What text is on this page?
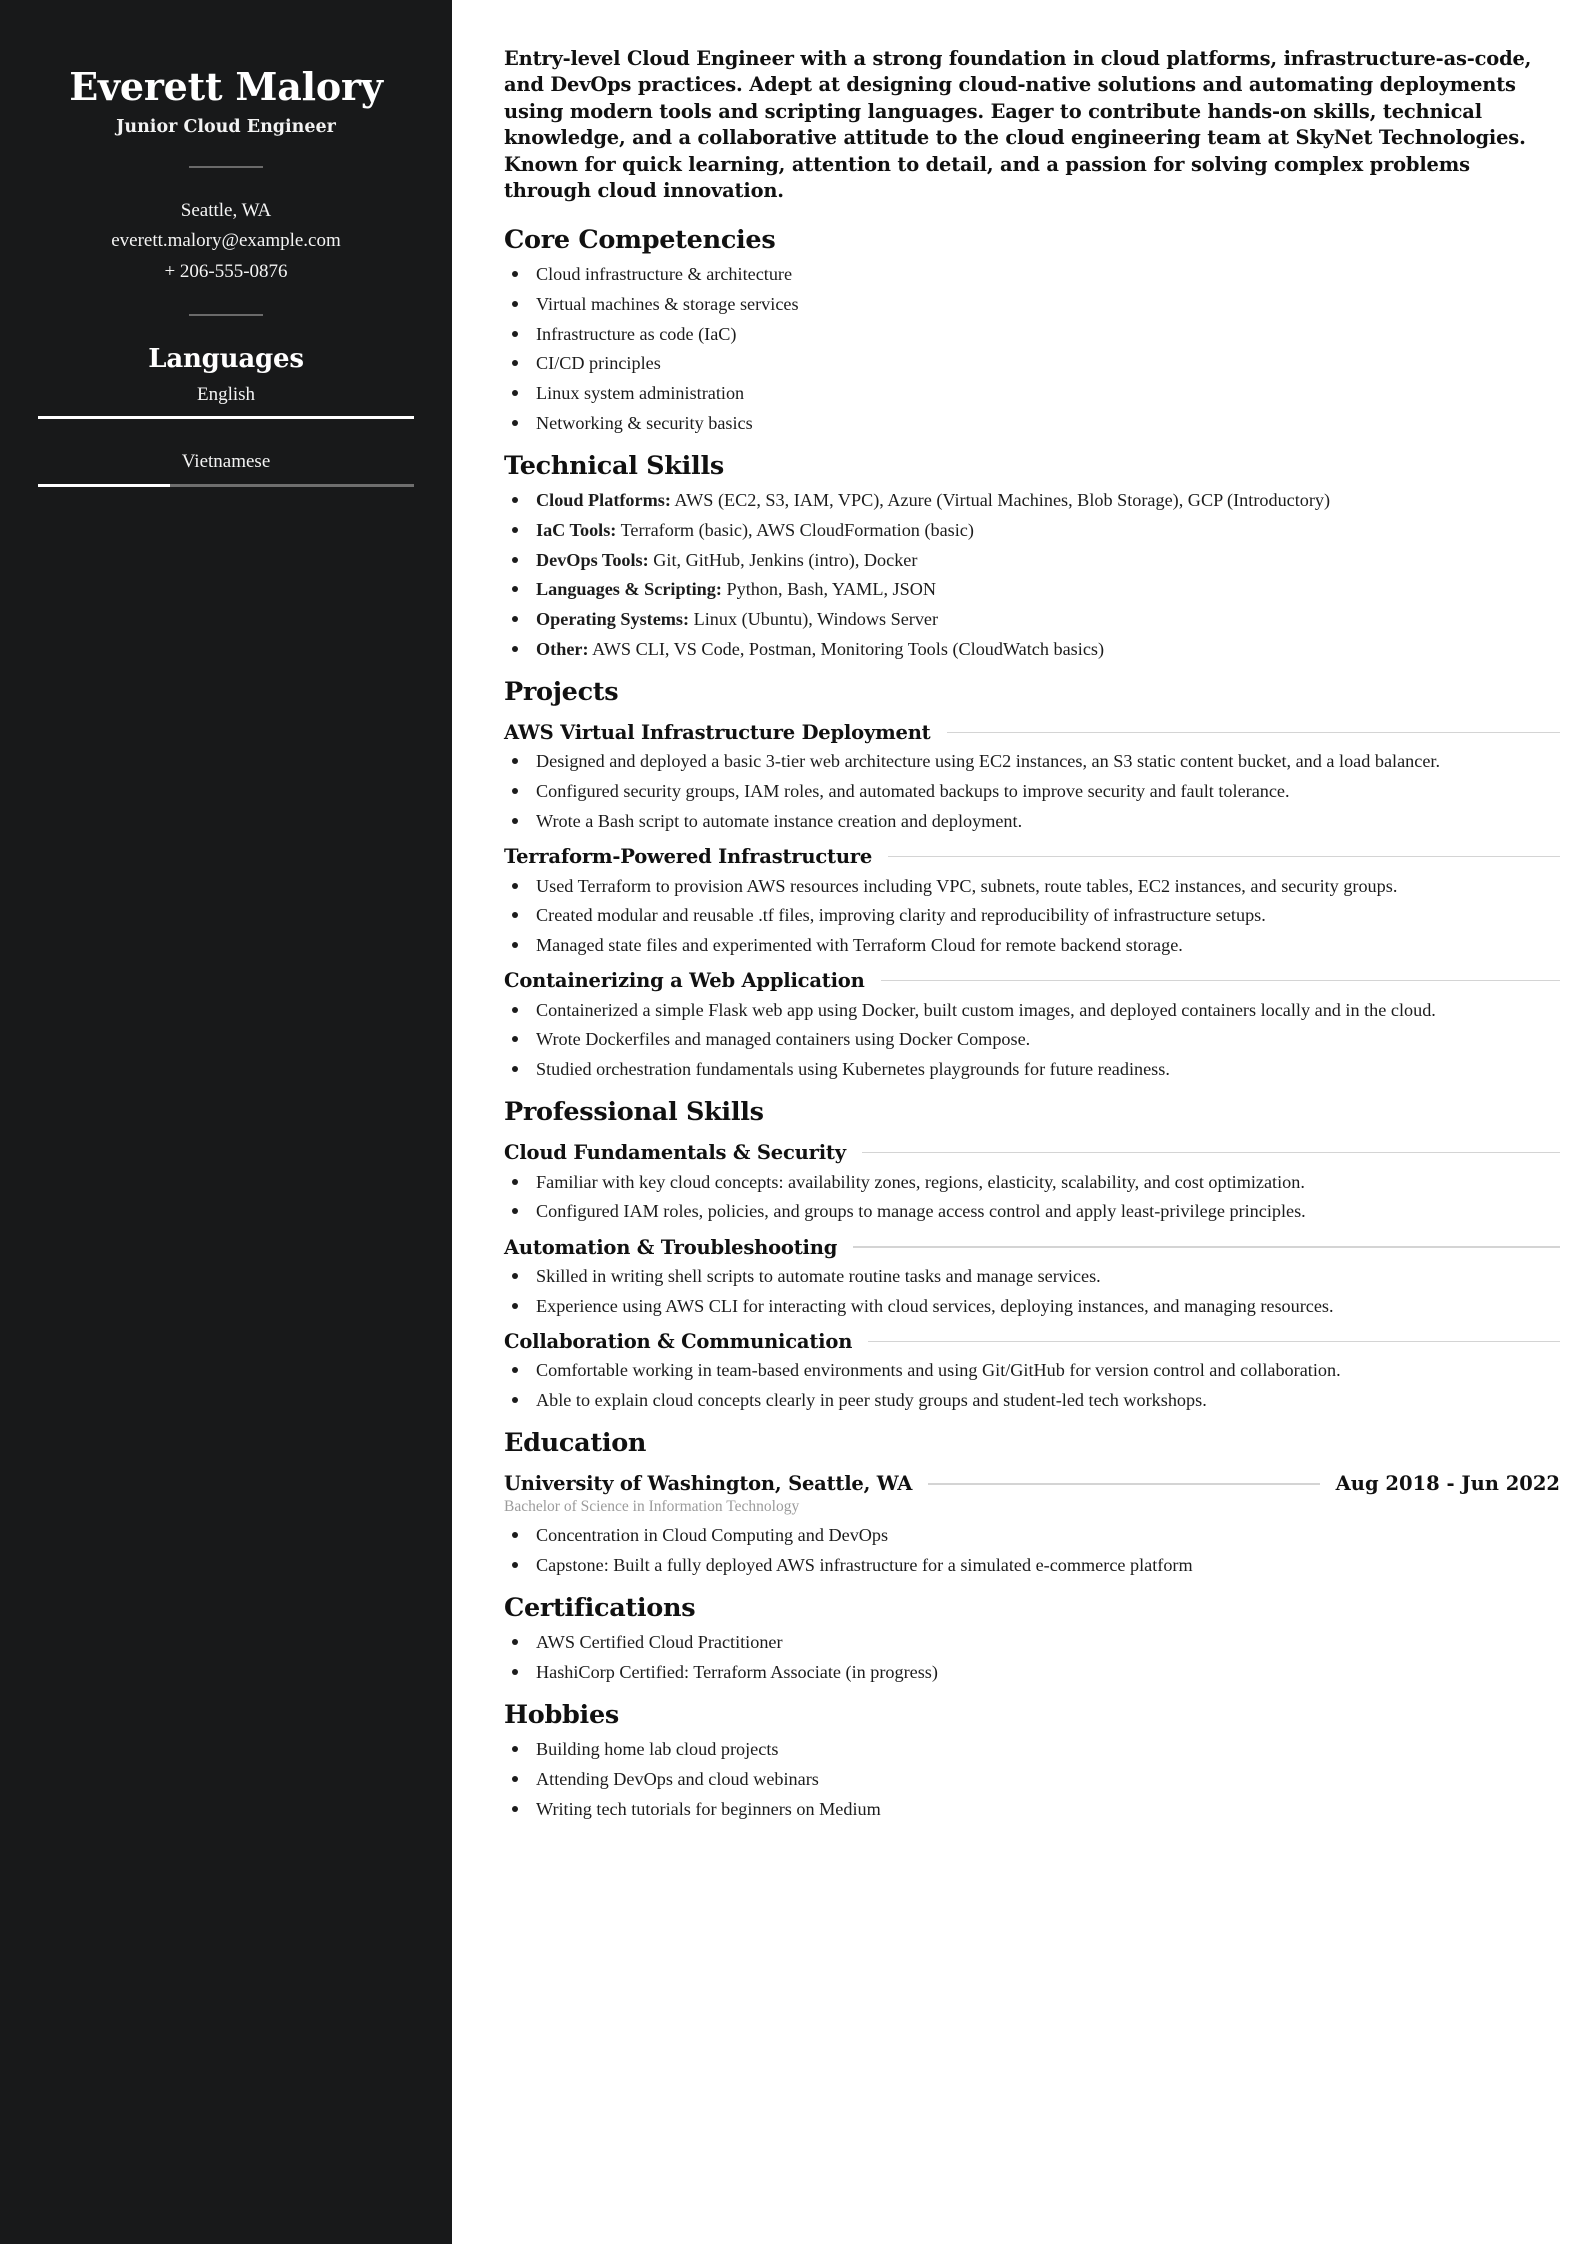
Everett Malory
Junior Cloud Engineer
Seattle, WA
everett.malory@example.com
+ 206-555-0876
Languages
English
Vietnamese

Entry-level Cloud Engineer with a strong foundation in cloud platforms, infrastructure-as-code, and DevOps practices. Adept at designing cloud-native solutions and automating deployments using modern tools and scripting languages. Eager to contribute hands-on skills, technical knowledge, and a collaborative attitude to the cloud engineering team at SkyNet Technologies. Known for quick learning, attention to detail, and a passion for solving complex problems through cloud innovation.

Core Competencies
Cloud infrastructure & architecture
Virtual machines & storage services
Infrastructure as code (IaC)
CI/CD principles
Linux system administration
Networking & security basics
Technical Skills
Cloud Platforms: AWS (EC2, S3, IAM, VPC), Azure (Virtual Machines, Blob Storage), GCP (Introductory)
IaC Tools: Terraform (basic), AWS CloudFormation (basic)
DevOps Tools: Git, GitHub, Jenkins (intro), Docker
Languages & Scripting: Python, Bash, YAML, JSON
Operating Systems: Linux (Ubuntu), Windows Server
Other: AWS CLI, VS Code, Postman, Monitoring Tools (CloudWatch basics)
Projects
AWS Virtual Infrastructure Deployment
Designed and deployed a basic 3-tier web architecture using EC2 instances, an S3 static content bucket, and a load balancer.
Configured security groups, IAM roles, and automated backups to improve security and fault tolerance.
Wrote a Bash script to automate instance creation and deployment.
Terraform-Powered Infrastructure
Used Terraform to provision AWS resources including VPC, subnets, route tables, EC2 instances, and security groups.
Created modular and reusable .tf files, improving clarity and reproducibility of infrastructure setups.
Managed state files and experimented with Terraform Cloud for remote backend storage.
Containerizing a Web Application
Containerized a simple Flask web app using Docker, built custom images, and deployed containers locally and in the cloud.
Wrote Dockerfiles and managed containers using Docker Compose.
Studied orchestration fundamentals using Kubernetes playgrounds for future readiness.
Professional Skills
Cloud Fundamentals & Security
Familiar with key cloud concepts: availability zones, regions, elasticity, scalability, and cost optimization.
Configured IAM roles, policies, and groups to manage access control and apply least-privilege principles.
Automation & Troubleshooting
Skilled in writing shell scripts to automate routine tasks and manage services.
Experience using AWS CLI for interacting with cloud services, deploying instances, and managing resources.
Collaboration & Communication
Comfortable working in team-based environments and using Git/GitHub for version control and collaboration.
Able to explain cloud concepts clearly in peer study groups and student-led tech workshops.
Education
University of Washington, Seattle, WA	Aug 2018 - Jun 2022
Bachelor of Science in Information Technology
Concentration in Cloud Computing and DevOps
Capstone: Built a fully deployed AWS infrastructure for a simulated e-commerce platform
Certifications
AWS Certified Cloud Practitioner
HashiCorp Certified: Terraform Associate (in progress)
Hobbies
Building home lab cloud projects
Attending DevOps and cloud webinars
Writing tech tutorials for beginners on Medium
